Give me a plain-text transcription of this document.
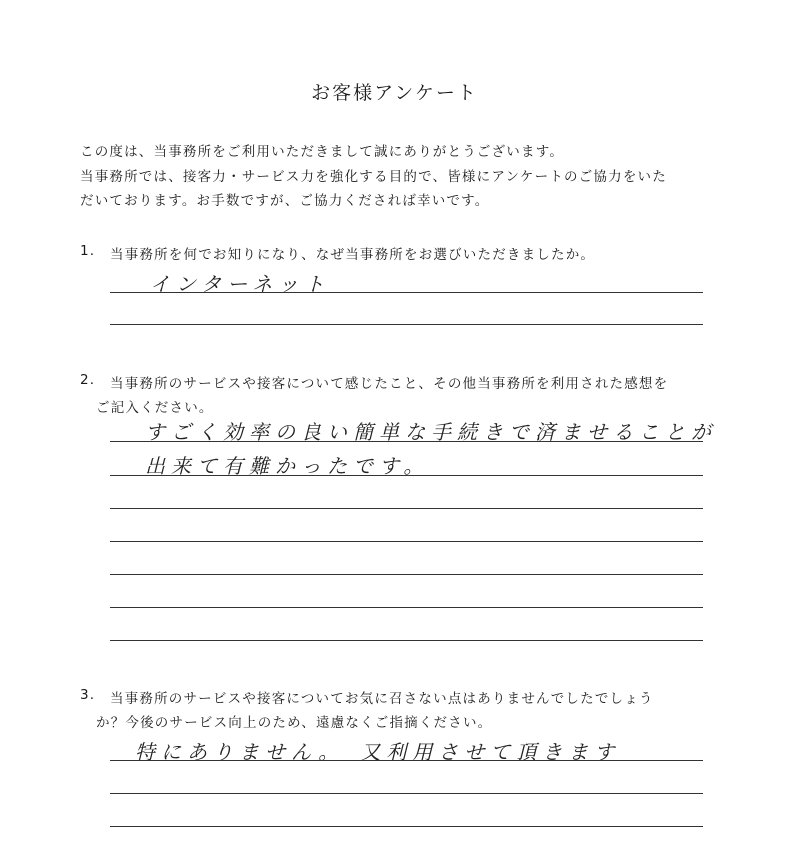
お客様アンケート
この度は、当事務所をご利用いただきまして誠にありがとうございます。
当事務所では、接客力・サービス力を強化する目的で、皆様にアンケートのご協力をいた
だいております。お手数ですが、ご協力くだされば幸いです。
1. 当事務所を何でお知りになり、なぜ当事務所をお選びいただきましたか。
インターネット
2. 当事務所のサービスや接客について感じたこと、その他当事務所を利用された感想を
ご記入ください。
すごく効率の良い簡単な手続きで済ませることが
出来て有難かったです。
3. 当事務所のサービスや接客についてお気に召さない点はありませんでしたでしょう
か？今後のサービス向上のため、遠慮なくご指摘ください。
特にありません。　又利用させて頂きます
